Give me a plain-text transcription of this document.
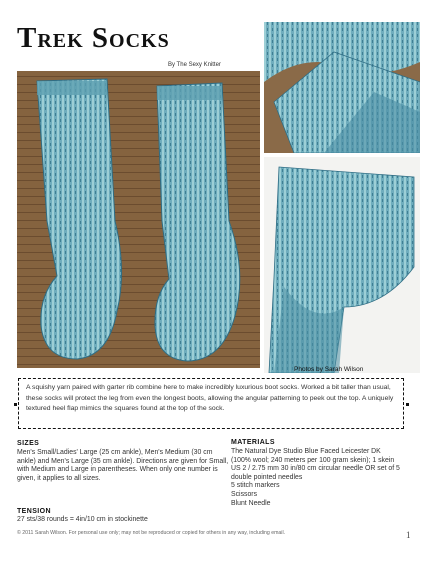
Trek Socks
By The Sexy Knitter
Photos by Sarah Wilson
A squishy yarn paired with garter rib combine here to make incredibly luxurious boot socks. Worked a bit taller than usual, these socks will protect the leg from even the longest boots, allowing the angular patterning to peek out the top. A uniquely textured heel flap mimics the squares found at the top of the sock.
SIZES
Men's Small/Ladies' Large (25 cm ankle), Men's Medium (30 cm ankle) and Men's Large (35 cm ankle). Directions are given for Small, with Medium and Large in parentheses. When only one number is given, it applies to all sizes.
MATERIALS
The Natural Dye Studio Blue Faced Leicester DK
(100% wool; 240 meters per 100 gram skein); 1 skein
US 2 / 2.75 mm 30 in/80 cm circular needle OR set of 5
double pointed needles
5 stitch markers
Scissors
Blunt Needle
TENSION
27 sts/38 rounds = 4in/10 cm in stockinette
© 2011 Sarah Wilson. For personal use only; may not be reproduced or copied for others in any way, including email.	1
